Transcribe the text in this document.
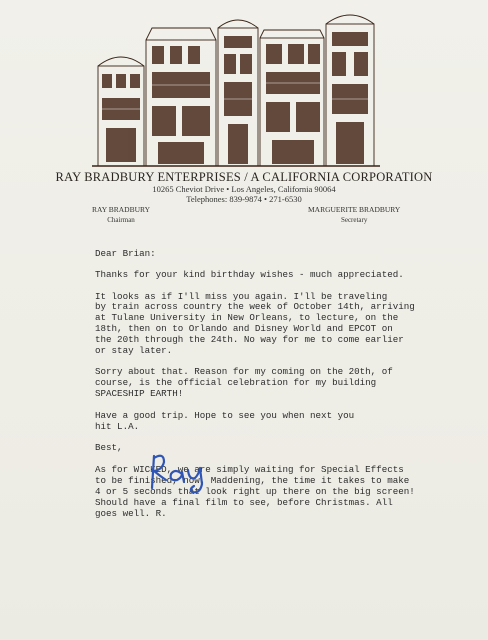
RAY BRADBURY ENTERPRISES / A CALIFORNIA CORPORATION
10265 Cheviot Drive • Los Angeles, California 90064
Telephones: 839-9874 • 271-6530
RAY BRADBURY
Chairman
MARGUERITE BRADBURY
Secretary

Dear Brian:

Thanks for your kind birthday wishes - much appreciated.

It looks as if I'll miss you again. I'll be traveling

by train across country the week of October 14th, arriving

at Tulane University in New Orleans, to lecture, on the

18th, then on to Orlando and Disney World and EPCOT on

the 20th through the 24th. No way for me to come earlier

or stay later.

Sorry about that. Reason for my coming on the 20th, of

course, is the official celebration for my building

SPACESHIP EARTH!

Have a good trip. Hope to see you when next you

hit L.A.

Best,

As for WICKED, we are simply waiting for Special Effects

to be finished, now. Maddening, the time it takes to make

4 or 5 seconds that look right up there on the big screen!

Should have a final film to see, before Christmas. All

goes well. R.
